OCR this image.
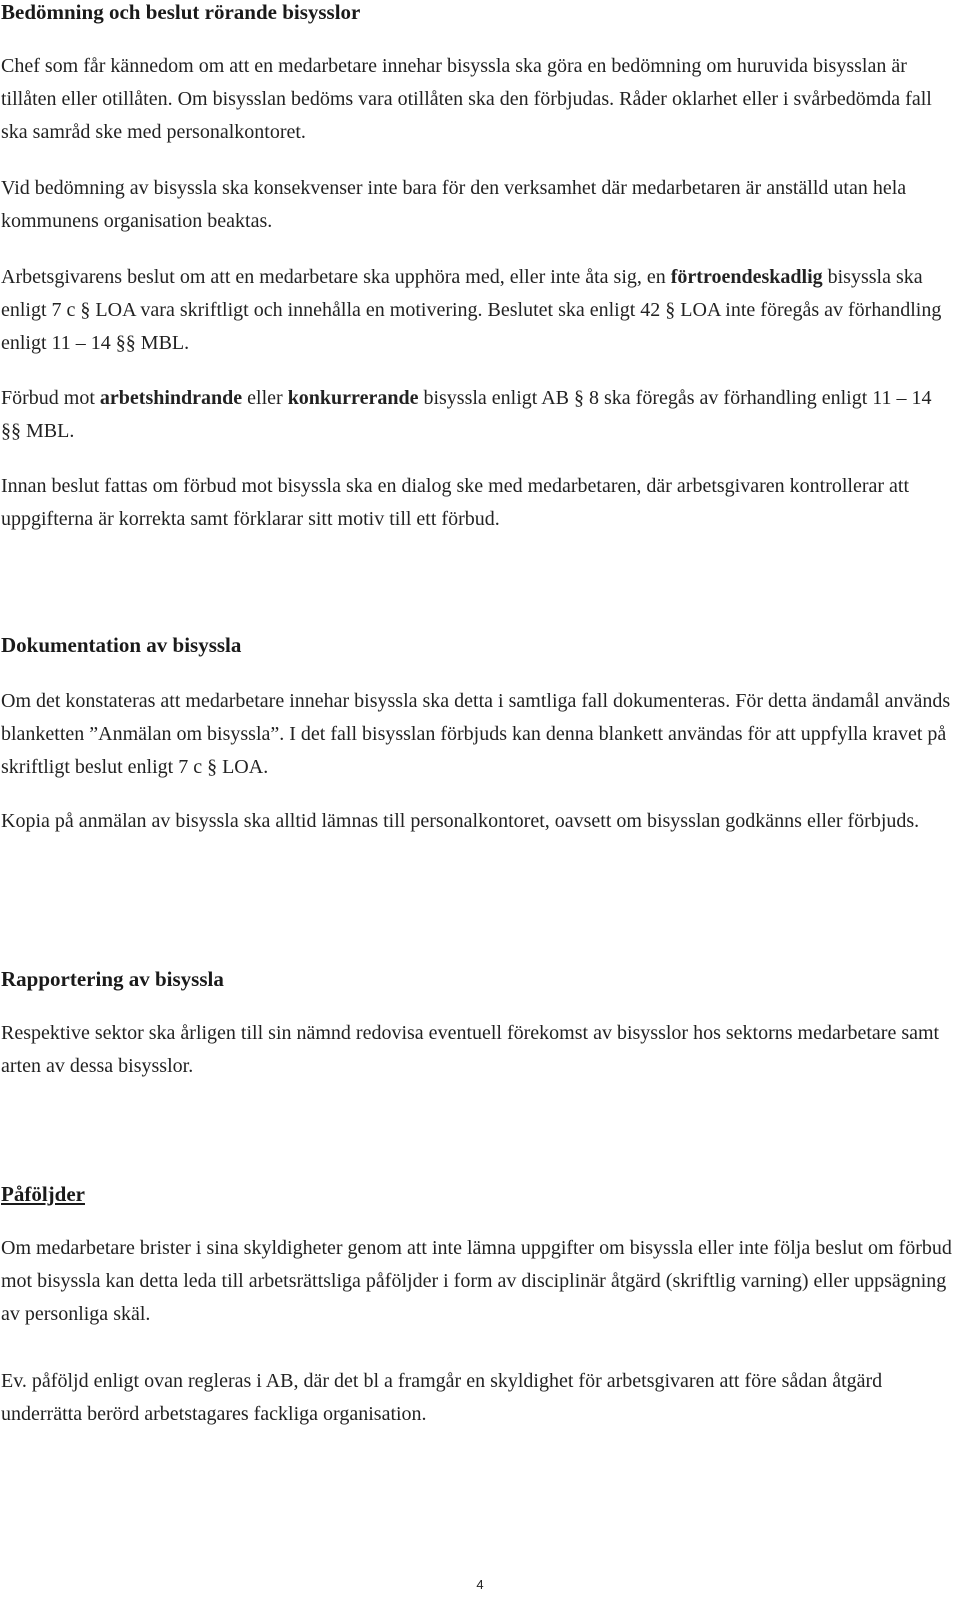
Bedömning och beslut rörande bisysslor

Chef som får kännedom om att en medarbetare innehar bisyssla ska göra en bedömning om huruvida bisysslan är tillåten eller otillåten. Om bisysslan bedöms vara otillåten ska den förbjudas. Råder oklarhet eller i svårbedömda fall ska samråd ske med personalkontoret.

Vid bedömning av bisyssla ska konsekvenser inte bara för den verksamhet där medarbetaren är anställd utan hela kommunens organisation beaktas.

Arbetsgivarens beslut om att en medarbetare ska upphöra med, eller inte åta sig, en förtroendeskadlig bisyssla ska enligt 7 c § LOA vara skriftligt och innehålla en motivering. Beslutet ska enligt 42 § LOA inte föregås av förhandling enligt 11 – 14 §§ MBL.

Förbud mot arbetshindrande eller konkurrerande bisyssla enligt AB § 8 ska föregås av förhandling enligt 11 – 14 §§ MBL.

Innan beslut fattas om förbud mot bisyssla ska en dialog ske med medarbetaren, där arbetsgivaren kontrollerar att uppgifterna är korrekta samt förklarar sitt motiv till ett förbud.

Dokumentation av bisyssla

Om det konstateras att medarbetare innehar bisyssla ska detta i samtliga fall dokumenteras. För detta ändamål används blanketten ”Anmälan om bisyssla”. I det fall bisysslan förbjuds kan denna blankett användas för att uppfylla kravet på skriftligt beslut enligt 7 c § LOA.

Kopia på anmälan av bisyssla ska alltid lämnas till personalkontoret, oavsett om bisysslan godkänns eller förbjuds.

Rapportering av bisyssla

Respektive sektor ska årligen till sin nämnd redovisa eventuell förekomst av bisysslor hos sektorns medarbetare samt arten av dessa bisysslor.

Påföljder

Om medarbetare brister i sina skyldigheter genom att inte lämna uppgifter om bisyssla eller inte följa beslut om förbud mot bisyssla kan detta leda till arbetsrättsliga påföljder i form av disciplinär åtgärd (skriftlig varning) eller uppsägning av personliga skäl.

Ev. påföljd enligt ovan regleras i AB, där det bl a framgår en skyldighet för arbetsgivaren att före sådan åtgärd underrätta berörd arbetstagares fackliga organisation.

4
